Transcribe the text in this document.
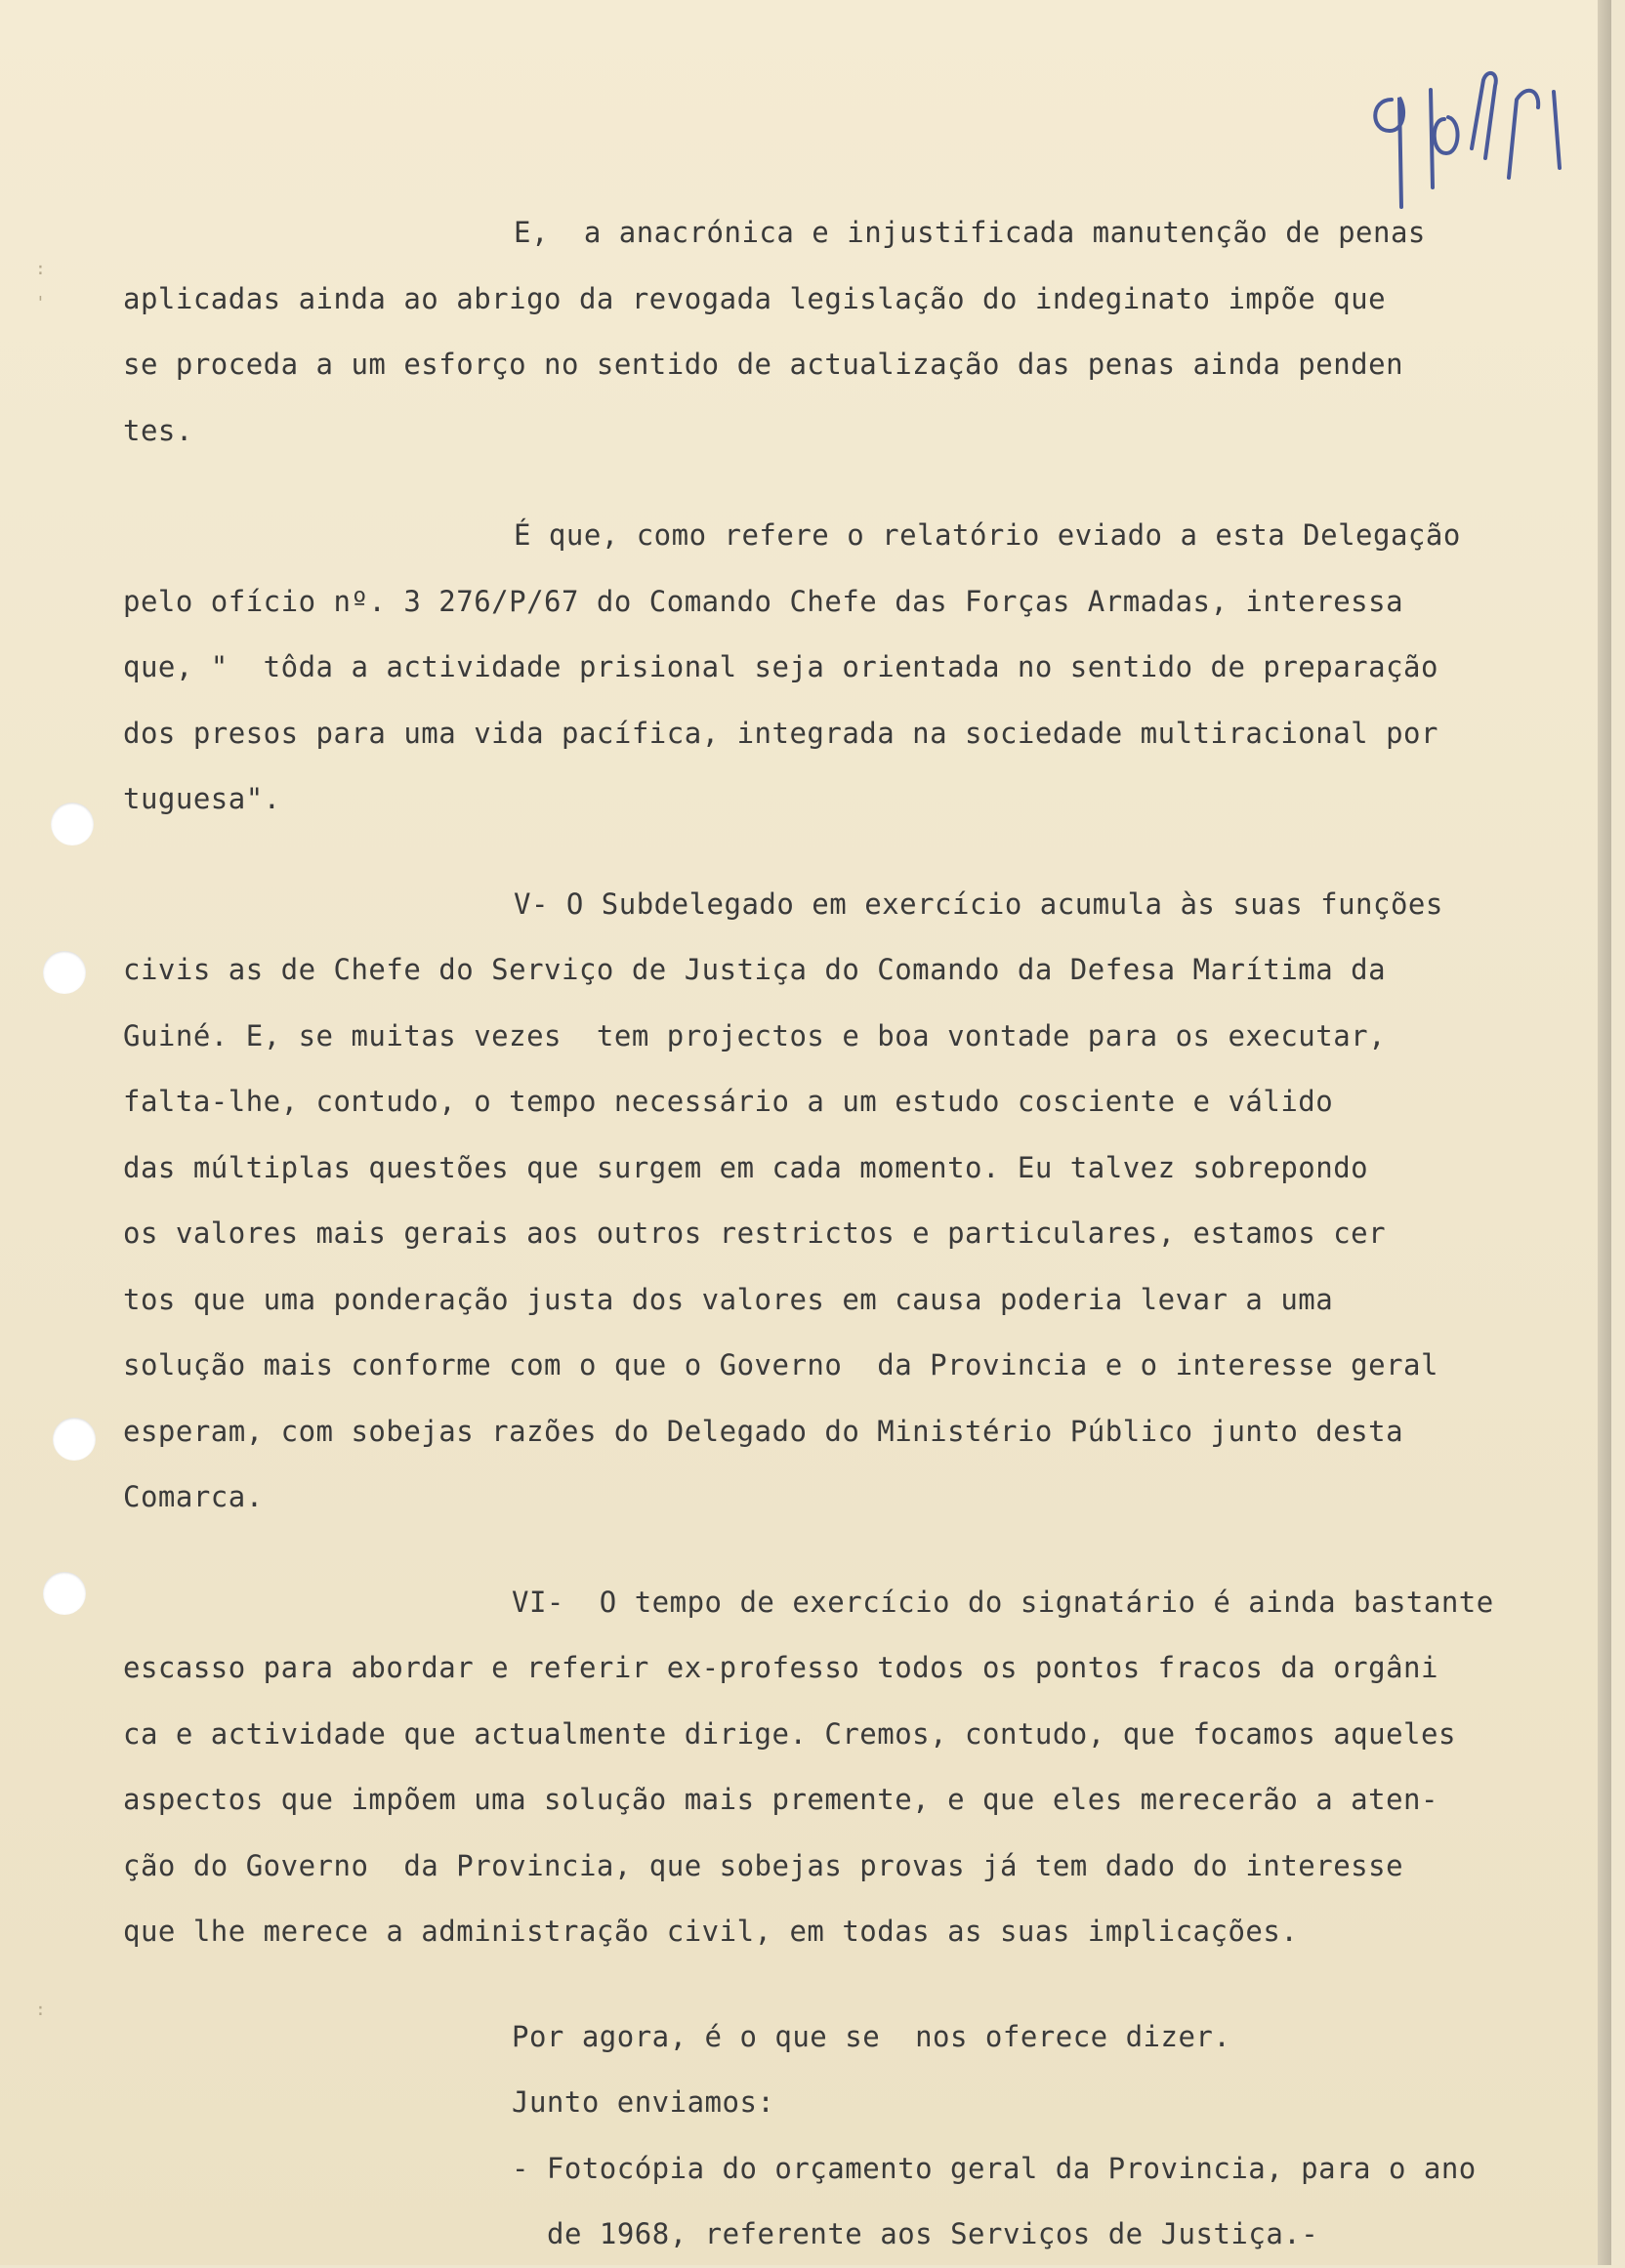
:
'
:
E,  a anacrónica e injustificada manutenção de penas
aplicadas ainda ao abrigo da revogada legislação do indeginato impõe que
se proceda a um esforço no sentido de actualização das penas ainda penden
tes.
É que, como refere o relatório eviado a esta Delegação
pelo ofício nº. 3 276/P/67 do Comando Chefe das Forças Armadas, interessa
que, "  tôda a actividade prisional seja orientada no sentido de preparação
dos presos para uma vida pacífica, integrada na sociedade multiracional por
tuguesa".
V- O Subdelegado em exercício acumula às suas funções
civis as de Chefe do Serviço de Justiça do Comando da Defesa Marítima da
Guiné. E, se muitas vezes  tem projectos e boa vontade para os executar,
falta-lhe, contudo, o tempo necessário a um estudo cosciente e válido
das múltiplas questões que surgem em cada momento. Eu talvez sobrepondo
os valores mais gerais aos outros restrictos e particulares, estamos cer
tos que uma ponderação justa dos valores em causa poderia levar a uma
solução mais conforme com o que o Governo  da Provincia e o interesse geral
esperam, com sobejas razões do Delegado do Ministério Público junto desta
Comarca.
VI-  O tempo de exercício do signatário é ainda bastante
escasso para abordar e referir ex-professo todos os pontos fracos da orgâni
ca e actividade que actualmente dirige. Cremos, contudo, que focamos aqueles
aspectos que impõem uma solução mais premente, e que eles merecerão a aten-
ção do Governo  da Provincia, que sobejas provas já tem dado do interesse
que lhe merece a administração civil, em todas as suas implicações.
Por agora, é o que se  nos oferece dizer.
Junto enviamos:
- Fotocópia do orçamento geral da Provincia, para o ano
de 1968, referente aos Serviços de Justiça.-
